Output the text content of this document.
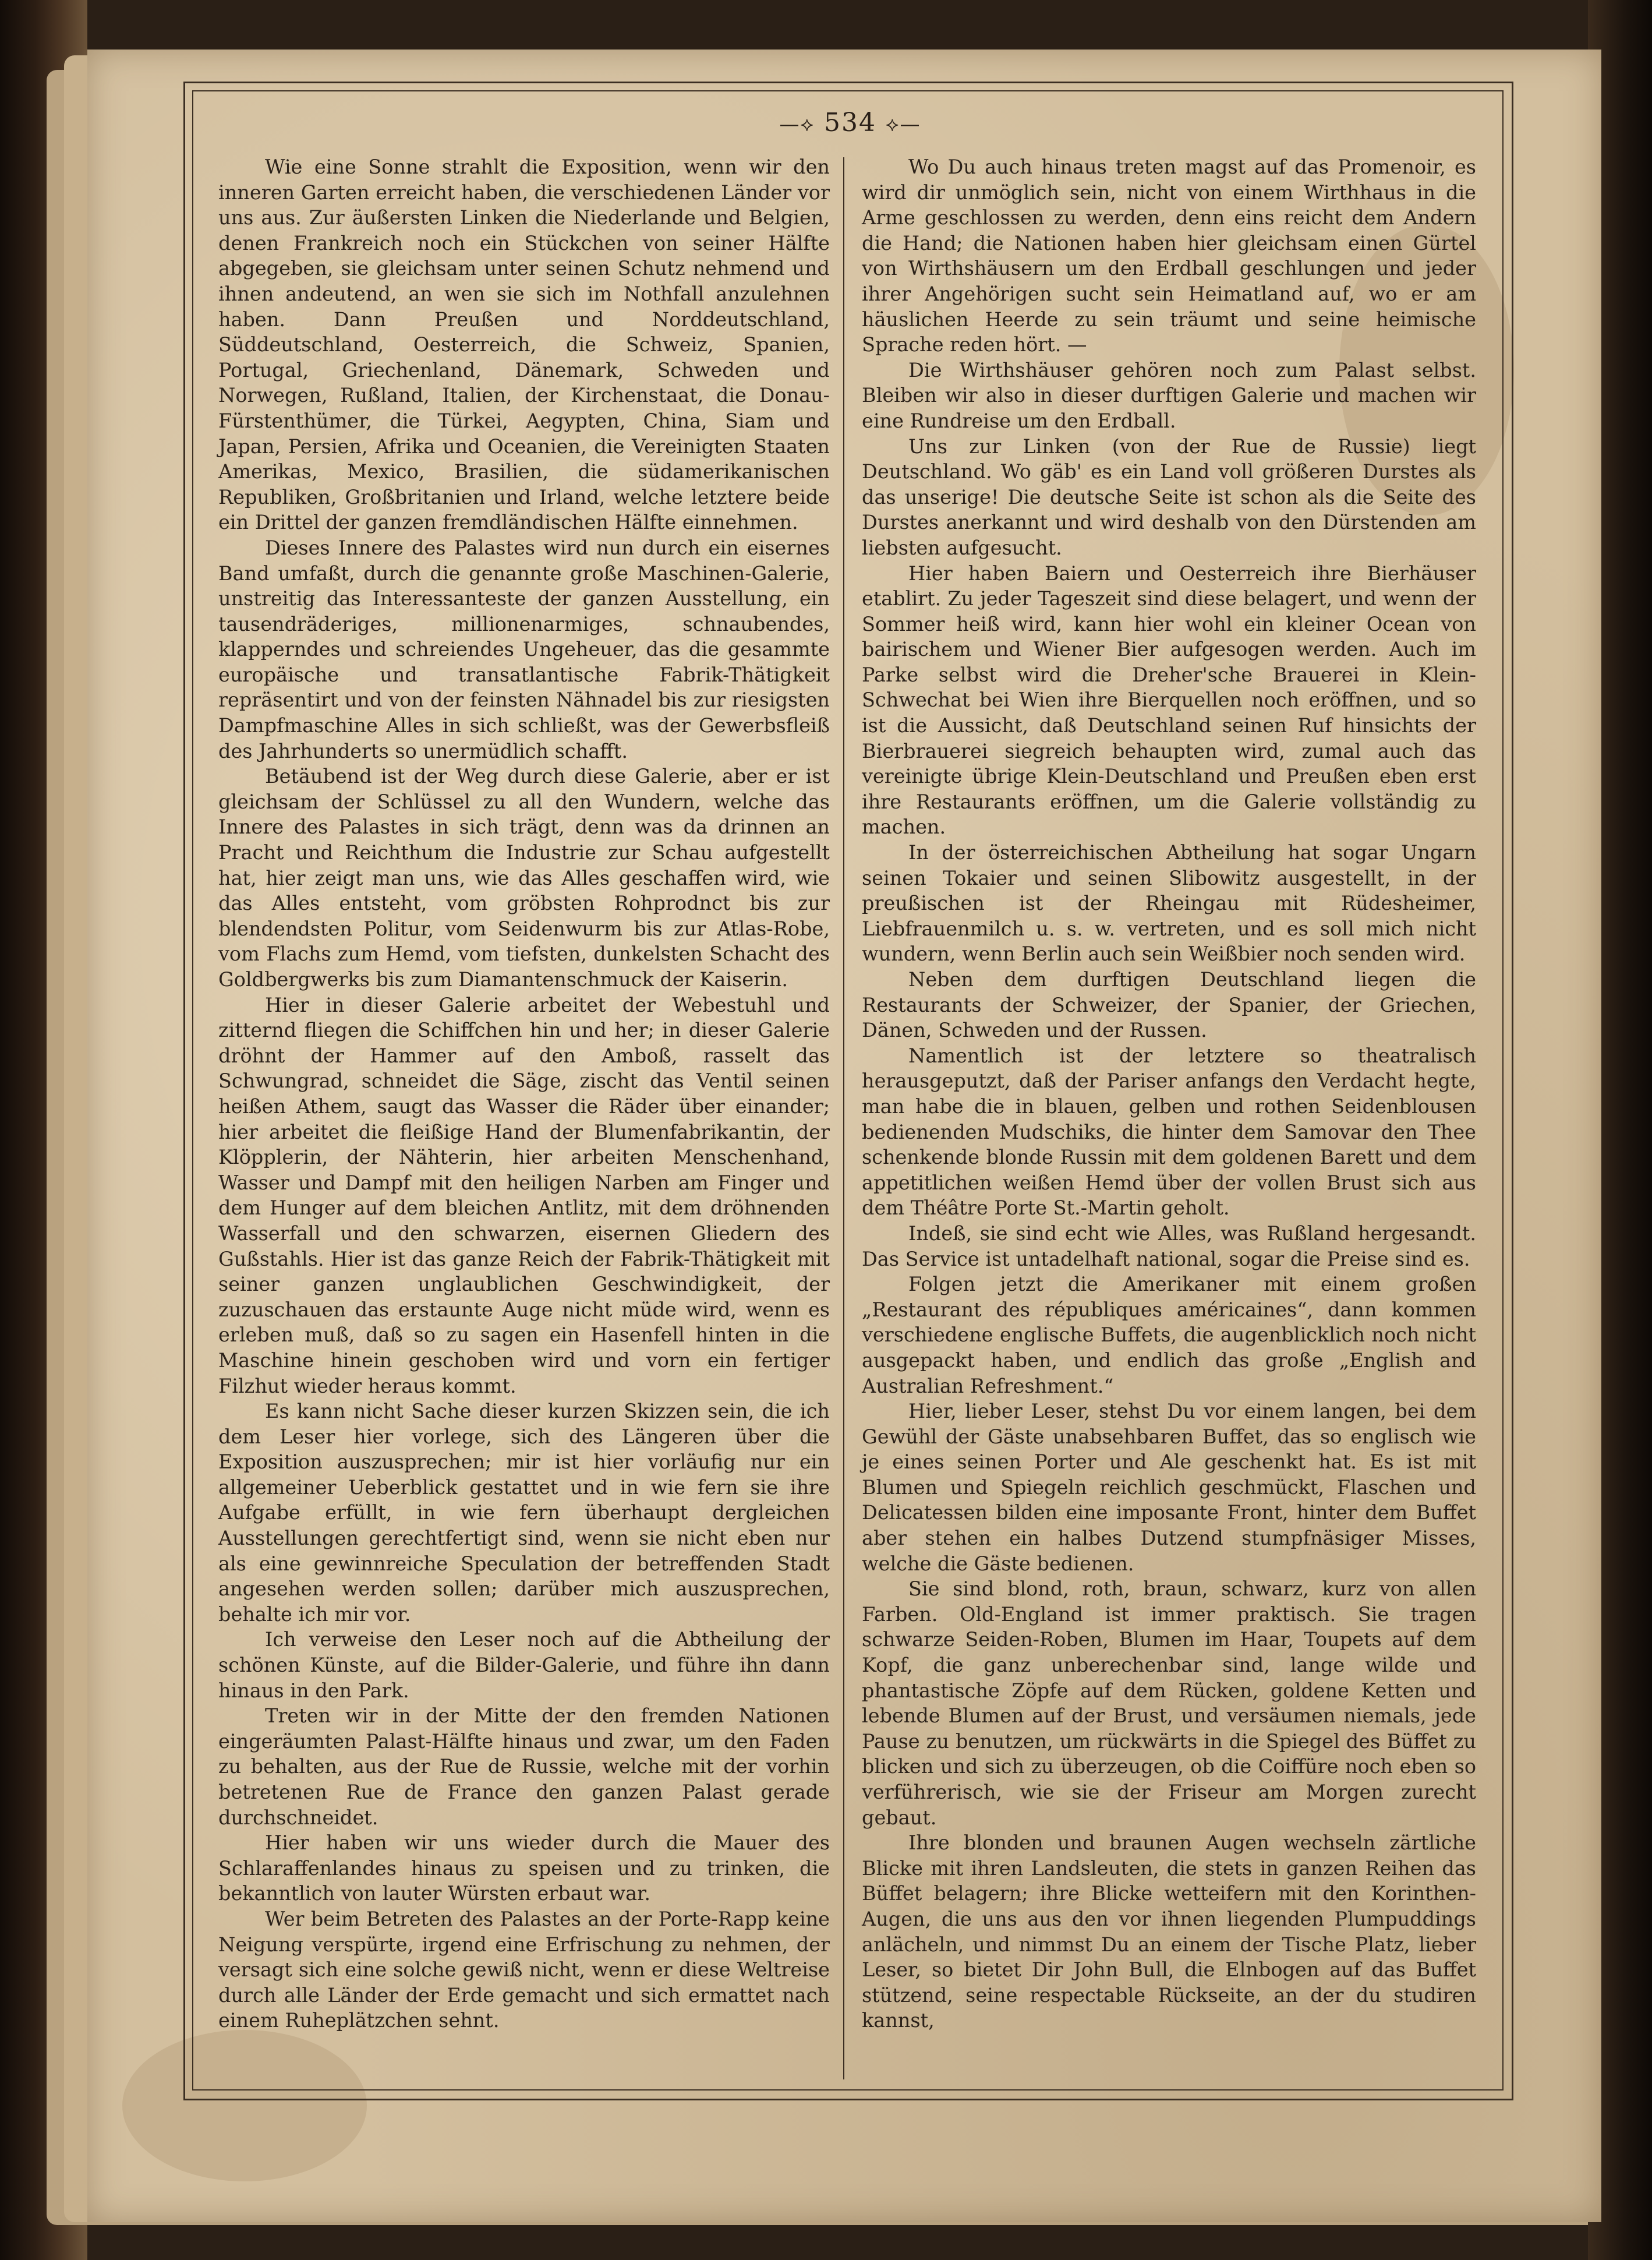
—⟡ 534 ⟡—

Wie eine Sonne strahlt die Exposition, wenn wir den inneren Garten erreicht haben, die verschiedenen Länder vor uns aus. Zur äußersten Linken die Niederlande und Belgien, denen Frankreich noch ein Stückchen von seiner Hälfte abgegeben, sie gleichsam unter seinen Schutz nehmend und ihnen andeutend, an wen sie sich im Nothfall anzulehnen haben. Dann Preußen und Norddeutschland, Süddeutschland, Oesterreich, die Schweiz, Spanien, Portugal, Griechenland, Dänemark, Schweden und Norwegen, Rußland, Italien, der Kirchenstaat, die Donau-Fürstenthümer, die Türkei, Aegypten, China, Siam und Japan, Persien, Afrika und Oceanien, die Vereinigten Staaten Amerikas, Mexico, Brasilien, die südamerikanischen Republiken, Großbritanien und Irland, welche letztere beide ein Drittel der ganzen fremdländischen Hälfte einnehmen.

Dieses Innere des Palastes wird nun durch ein eisernes Band umfaßt, durch die genannte große Maschinen-Galerie, unstreitig das Interessanteste der ganzen Ausstellung, ein tausendräderiges, millionenarmiges, schnaubendes, klapperndes und schreiendes Ungeheuer, das die gesammte europäische und transatlantische Fabrik-Thätigkeit repräsentirt und von der feinsten Nähnadel bis zur riesigsten Dampfmaschine Alles in sich schließt, was der Gewerbsfleiß des Jahrhunderts so unermüdlich schafft.

Betäubend ist der Weg durch diese Galerie, aber er ist gleichsam der Schlüssel zu all den Wundern, welche das Innere des Palastes in sich trägt, denn was da drinnen an Pracht und Reichthum die Industrie zur Schau aufgestellt hat, hier zeigt man uns, wie das Alles geschaffen wird, wie das Alles entsteht, vom gröbsten Rohprodnct bis zur blendendsten Politur, vom Seidenwurm bis zur Atlas-Robe, vom Flachs zum Hemd, vom tiefsten, dunkelsten Schacht des Goldbergwerks bis zum Diamantenschmuck der Kaiserin.

Hier in dieser Galerie arbeitet der Webestuhl und zitternd fliegen die Schiffchen hin und her; in dieser Galerie dröhnt der Hammer auf den Amboß, rasselt das Schwungrad, schneidet die Säge, zischt das Ventil seinen heißen Athem, saugt das Wasser die Räder über einander; hier arbeitet die fleißige Hand der Blumenfabrikantin, der Klöpplerin, der Nähterin, hier arbeiten Menschenhand, Wasser und Dampf mit den heiligen Narben am Finger und dem Hunger auf dem bleichen Antlitz, mit dem dröhnenden Wasserfall und den schwarzen, eisernen Gliedern des Gußstahls. Hier ist das ganze Reich der Fabrik-Thätigkeit mit seiner ganzen unglaublichen Geschwindigkeit, der zuzuschauen das erstaunte Auge nicht müde wird, wenn es erleben muß, daß so zu sagen ein Hasenfell hinten in die Maschine hinein geschoben wird und vorn ein fertiger Filzhut wieder heraus kommt.

Es kann nicht Sache dieser kurzen Skizzen sein, die ich dem Leser hier vorlege, sich des Längeren über die Exposition auszusprechen; mir ist hier vorläufig nur ein allgemeiner Ueberblick gestattet und in wie fern sie ihre Aufgabe erfüllt, in wie fern überhaupt dergleichen Ausstellungen gerechtfertigt sind, wenn sie nicht eben nur als eine gewinnreiche Speculation der betreffenden Stadt angesehen werden sollen; darüber mich auszusprechen, behalte ich mir vor.

Ich verweise den Leser noch auf die Abtheilung der schönen Künste, auf die Bilder-Galerie, und führe ihn dann hinaus in den Park.

Treten wir in der Mitte der den fremden Nationen eingeräumten Palast-Hälfte hinaus und zwar, um den Faden zu behalten, aus der Rue de Russie, welche mit der vorhin betretenen Rue de France den ganzen Palast gerade durchschneidet.

Hier haben wir uns wieder durch die Mauer des Schlaraffenlandes hinaus zu speisen und zu trinken, die bekanntlich von lauter Würsten erbaut war.

Wer beim Betreten des Palastes an der Porte-Rapp keine Neigung verspürte, irgend eine Erfrischung zu nehmen, der versagt sich eine solche gewiß nicht, wenn er diese Weltreise durch alle Länder der Erde gemacht und sich ermattet nach einem Ruheplätzchen sehnt.

Wo Du auch hinaus treten magst auf das Promenoir, es wird dir unmöglich sein, nicht von einem Wirthhaus in die Arme geschlossen zu werden, denn eins reicht dem Andern die Hand; die Nationen haben hier gleichsam einen Gürtel von Wirthshäusern um den Erdball geschlungen und jeder ihrer Angehörigen sucht sein Heimatland auf, wo er am häuslichen Heerde zu sein träumt und seine heimische Sprache reden hört. —

Die Wirthshäuser gehören noch zum Palast selbst. Bleiben wir also in dieser durftigen Galerie und machen wir eine Rundreise um den Erdball.

Uns zur Linken (von der Rue de Russie) liegt Deutschland. Wo gäb' es ein Land voll größeren Durstes als das unserige! Die deutsche Seite ist schon als die Seite des Durstes anerkannt und wird deshalb von den Dürstenden am liebsten aufgesucht.

Hier haben Baiern und Oesterreich ihre Bierhäuser etablirt. Zu jeder Tageszeit sind diese belagert, und wenn der Sommer heiß wird, kann hier wohl ein kleiner Ocean von bairischem und Wiener Bier aufgesogen werden. Auch im Parke selbst wird die Dreher'sche Brauerei in Klein-Schwechat bei Wien ihre Bierquellen noch eröffnen, und so ist die Aussicht, daß Deutschland seinen Ruf hinsichts der Bierbrauerei siegreich behaupten wird, zumal auch das vereinigte übrige Klein-Deutschland und Preußen eben erst ihre Restaurants eröffnen, um die Galerie vollständig zu machen.

In der österreichischen Abtheilung hat sogar Ungarn seinen Tokaier und seinen Slibowitz ausgestellt, in der preußischen ist der Rheingau mit Rüdesheimer, Liebfrauenmilch u. s. w. vertreten, und es soll mich nicht wundern, wenn Berlin auch sein Weißbier noch senden wird.

Neben dem durftigen Deutschland liegen die Restaurants der Schweizer, der Spanier, der Griechen, Dänen, Schweden und der Russen.

Namentlich ist der letztere so theatralisch herausgeputzt, daß der Pariser anfangs den Verdacht hegte, man habe die in blauen, gelben und rothen Seidenblousen bedienenden Mudschiks, die hinter dem Samovar den Thee schenkende blonde Russin mit dem goldenen Barett und dem appetitlichen weißen Hemd über der vollen Brust sich aus dem Théâtre Porte St.-Martin geholt.

Indeß, sie sind echt wie Alles, was Rußland hergesandt. Das Service ist untadelhaft national, sogar die Preise sind es.

Folgen jetzt die Amerikaner mit einem großen „Restaurant des républiques américaines“, dann kommen verschiedene englische Buffets, die augenblicklich noch nicht ausgepackt haben, und endlich das große „English and Australian Refreshment.“

Hier, lieber Leser, stehst Du vor einem langen, bei dem Gewühl der Gäste unabsehbaren Buffet, das so englisch wie je eines seinen Porter und Ale geschenkt hat. Es ist mit Blumen und Spiegeln reichlich geschmückt, Flaschen und Delicatessen bilden eine imposante Front, hinter dem Buffet aber stehen ein halbes Dutzend stumpfnäsiger Misses, welche die Gäste bedienen.

Sie sind blond, roth, braun, schwarz, kurz von allen Farben. Old-England ist immer praktisch. Sie tragen schwarze Seiden-Roben, Blumen im Haar, Toupets auf dem Kopf, die ganz unberechenbar sind, lange wilde und phantastische Zöpfe auf dem Rücken, goldene Ketten und lebende Blumen auf der Brust, und versäumen niemals, jede Pause zu benutzen, um rückwärts in die Spiegel des Büffet zu blicken und sich zu überzeugen, ob die Coiffüre noch eben so verführerisch, wie sie der Friseur am Morgen zurecht gebaut.

Ihre blonden und braunen Augen wechseln zärtliche Blicke mit ihren Landsleuten, die stets in ganzen Reihen das Büffet belagern; ihre Blicke wetteifern mit den Korinthen-Augen, die uns aus den vor ihnen liegenden Plumpuddings anlächeln, und nimmst Du an einem der Tische Platz, lieber Leser, so bietet Dir John Bull, die Elnbogen auf das Buffet stützend, seine respectable Rückseite, an der du studiren kannst,
